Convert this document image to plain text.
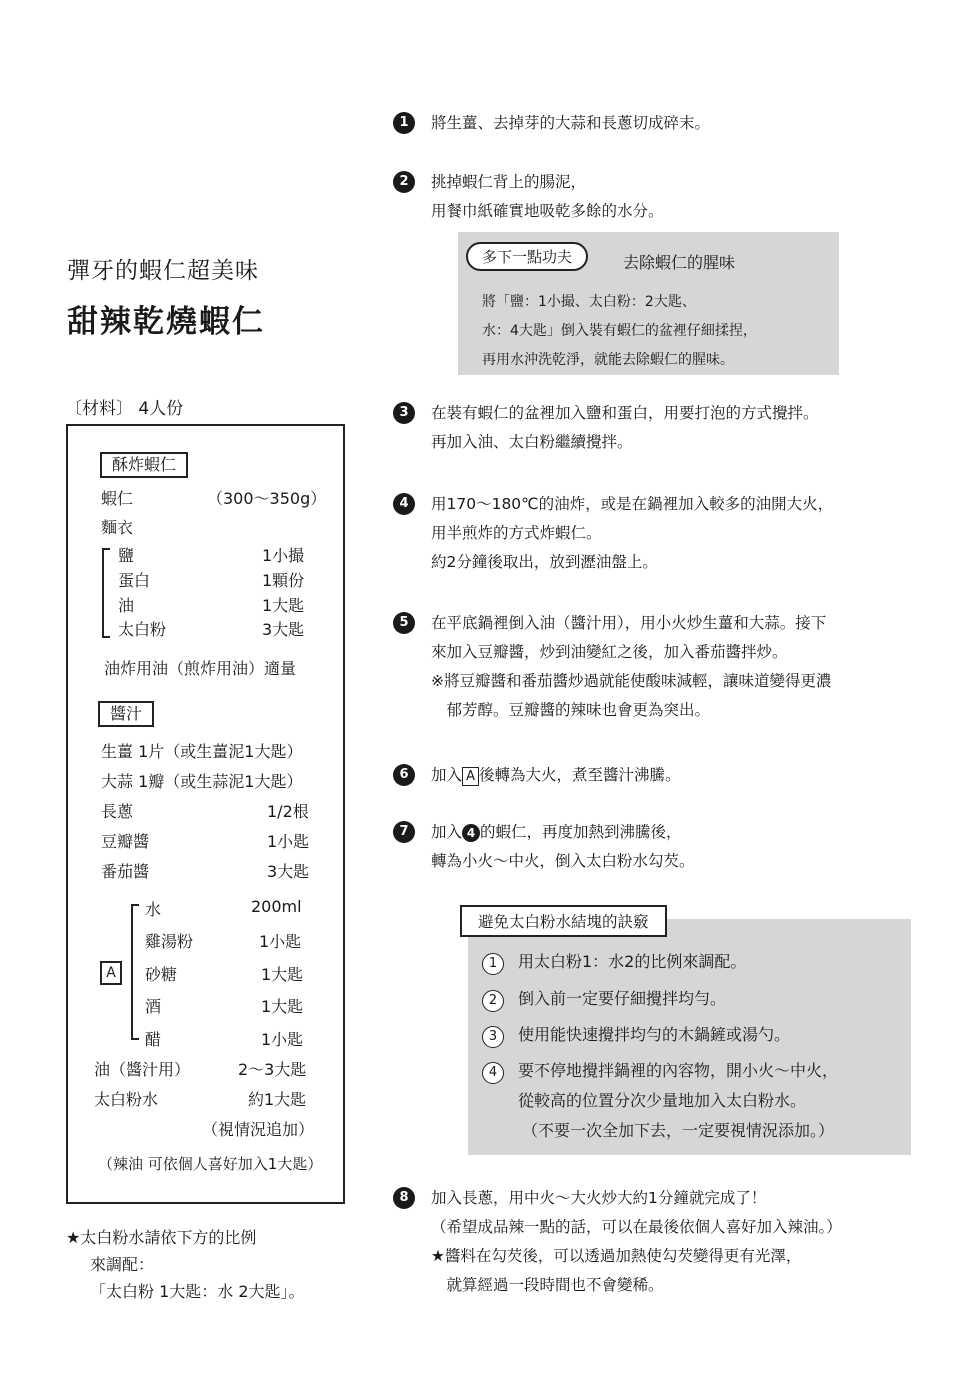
彈牙的蝦仁超美味
甜辣乾燒蝦仁
〔材料〕 4人份
酥炸蝦仁
蝦仁	（300〜350g）
麵衣
鹽	1小撮
蛋白	1顆份
油	1大匙
太白粉	3大匙
油炸用油（煎炸用油）適量
醬汁
生薑 1片（或生薑泥1大匙）
大蒜 1瓣（或生蒜泥1大匙）
長蔥	1/2根
豆瓣醬	1小匙
番茄醬	3大匙
A
水	200ml
雞湯粉	1小匙
砂糖	1大匙
酒	1大匙
醋	1小匙
油（醬汁用）	2〜3大匙
太白粉水	約1大匙
（視情況追加）
（辣油 可依個人喜好加入1大匙）
★太白粉水請依下方的比例
來調配：
「太白粉 1大匙：水 2大匙」。
1	將生薑、去掉芽的大蒜和長蔥切成碎末。
2	挑掉蝦仁背上的腸泥，
用餐巾紙確實地吸乾多餘的水分。
多下一點功夫	去除蝦仁的腥味
將「鹽：1小撮、太白粉：2大匙、
水：4大匙」倒入裝有蝦仁的盆裡仔細揉捏，
再用水沖洗乾淨，就能去除蝦仁的腥味。
3	在裝有蝦仁的盆裡加入鹽和蛋白，用要打泡的方式攪拌。
再加入油、太白粉繼續攪拌。
4	用170〜180℃的油炸，或是在鍋裡加入較多的油開大火，
用半煎炸的方式炸蝦仁。
約2分鐘後取出，放到瀝油盤上。
5	在平底鍋裡倒入油（醬汁用），用小火炒生薑和大蒜。接下
來加入豆瓣醬，炒到油變紅之後，加入番茄醬拌炒。
※將豆瓣醬和番茄醬炒過就能使酸味減輕，讓味道變得更濃
　郁芳醇。豆瓣醬的辣味也會更為突出。
6	加入 A 後轉為大火，煮至醬汁沸騰。
7	加入 4 的蝦仁，再度加熱到沸騰後，
轉為小火〜中火，倒入太白粉水勾芡。
1 用太白粉1：水2的比例來調配。
2 倒入前一定要仔細攪拌均勻。
3 使用能快速攪拌均勻的木鍋鏟或湯勺。
4 要不停地攪拌鍋裡的內容物，開小火〜中火，
從較高的位置分次少量地加入太白粉水。
（不要一次全加下去，一定要視情況添加。）
避免太白粉水結塊的訣竅
8	加入長蔥，用中火〜大火炒大約1分鐘就完成了！
（希望成品辣一點的話，可以在最後依個人喜好加入辣油。）
★醬料在勾芡後，可以透過加熱使勾芡變得更有光澤，
　就算經過一段時間也不會變稀。
